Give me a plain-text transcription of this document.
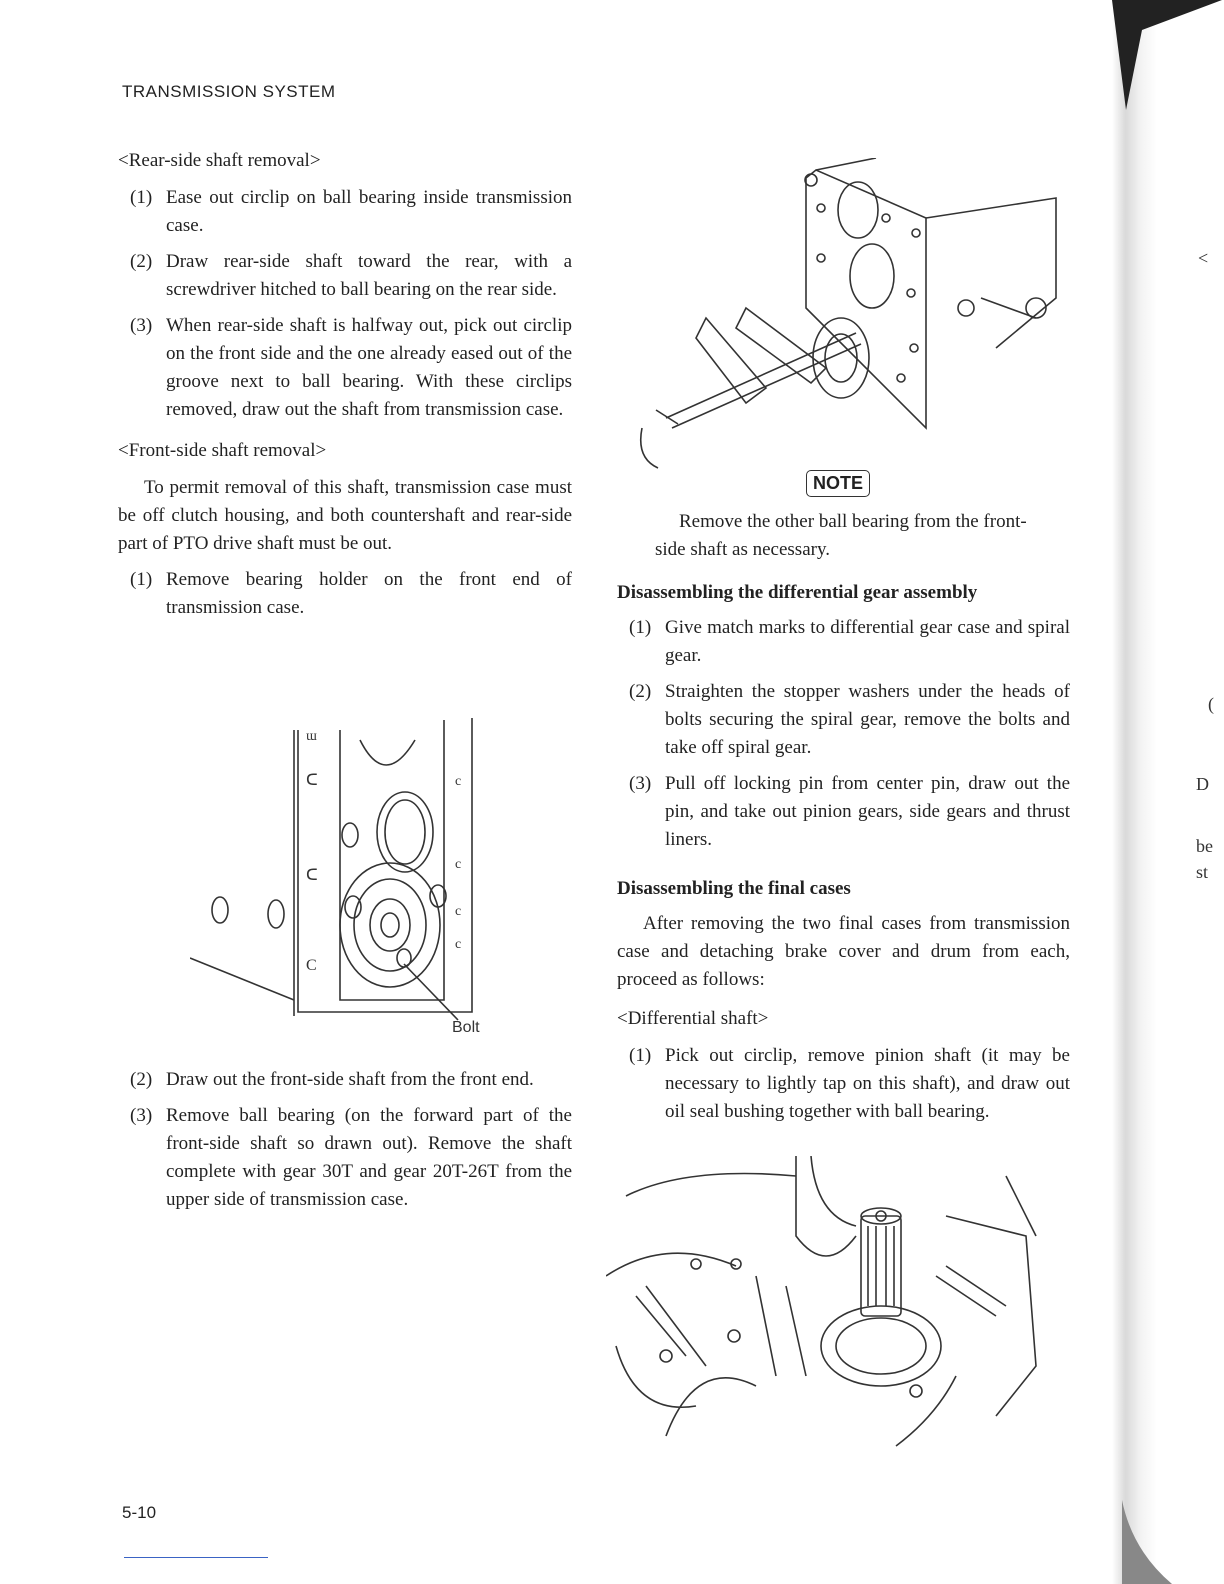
TRANSMISSION SYSTEM
<Rear-side shaft removal>
(1) Ease out circlip on ball bearing inside transmission case.
(2) Draw rear-side shaft toward the rear, with a screwdriver hitched to ball bearing on the rear side.
(3) When rear-side shaft is halfway out, pick out circlip on the front side and the one already eased out of the groove next to ball bearing. With these circlips removed, draw out the shaft from transmission case.
<Front-side shaft removal>

To permit removal of this shaft, transmission case must be off clutch housing, and both countershaft and rear-side part of PTO drive shaft must be out.

(1) Remove bearing holder on the front end of transmission case.
ɯ
ᑕ
ᑕ
C
c
c
c
c
Bolt
(2) Draw out the front-side shaft from the front end.
(3) Remove ball bearing (on the forward part of the front-side shaft so drawn out). Remove the shaft complete with gear 30T and gear 20T-26T from the upper side of transmission case.
NOTE
Remove the other ball bearing from the front-side shaft as necessary.
Disassembling the differential gear assembly
(1) Give match marks to differential gear case and spiral gear.
(2) Straighten the stopper washers under the heads of bolts securing the spiral gear, remove the bolts and take off spiral gear.
(3) Pull off locking pin from center pin, draw out the pin, and take out pinion gears, side gears and thrust liners.
Disassembling the final cases

After removing the two final cases from transmission case and detaching brake cover and drum from each, proceed as follows:

<Differential shaft>
(1) Pick out circlip, remove pinion shaft (it may be necessary to lightly tap on this shaft), and draw out oil seal bushing together with ball bearing.
<
(
D
be
st
5-10
